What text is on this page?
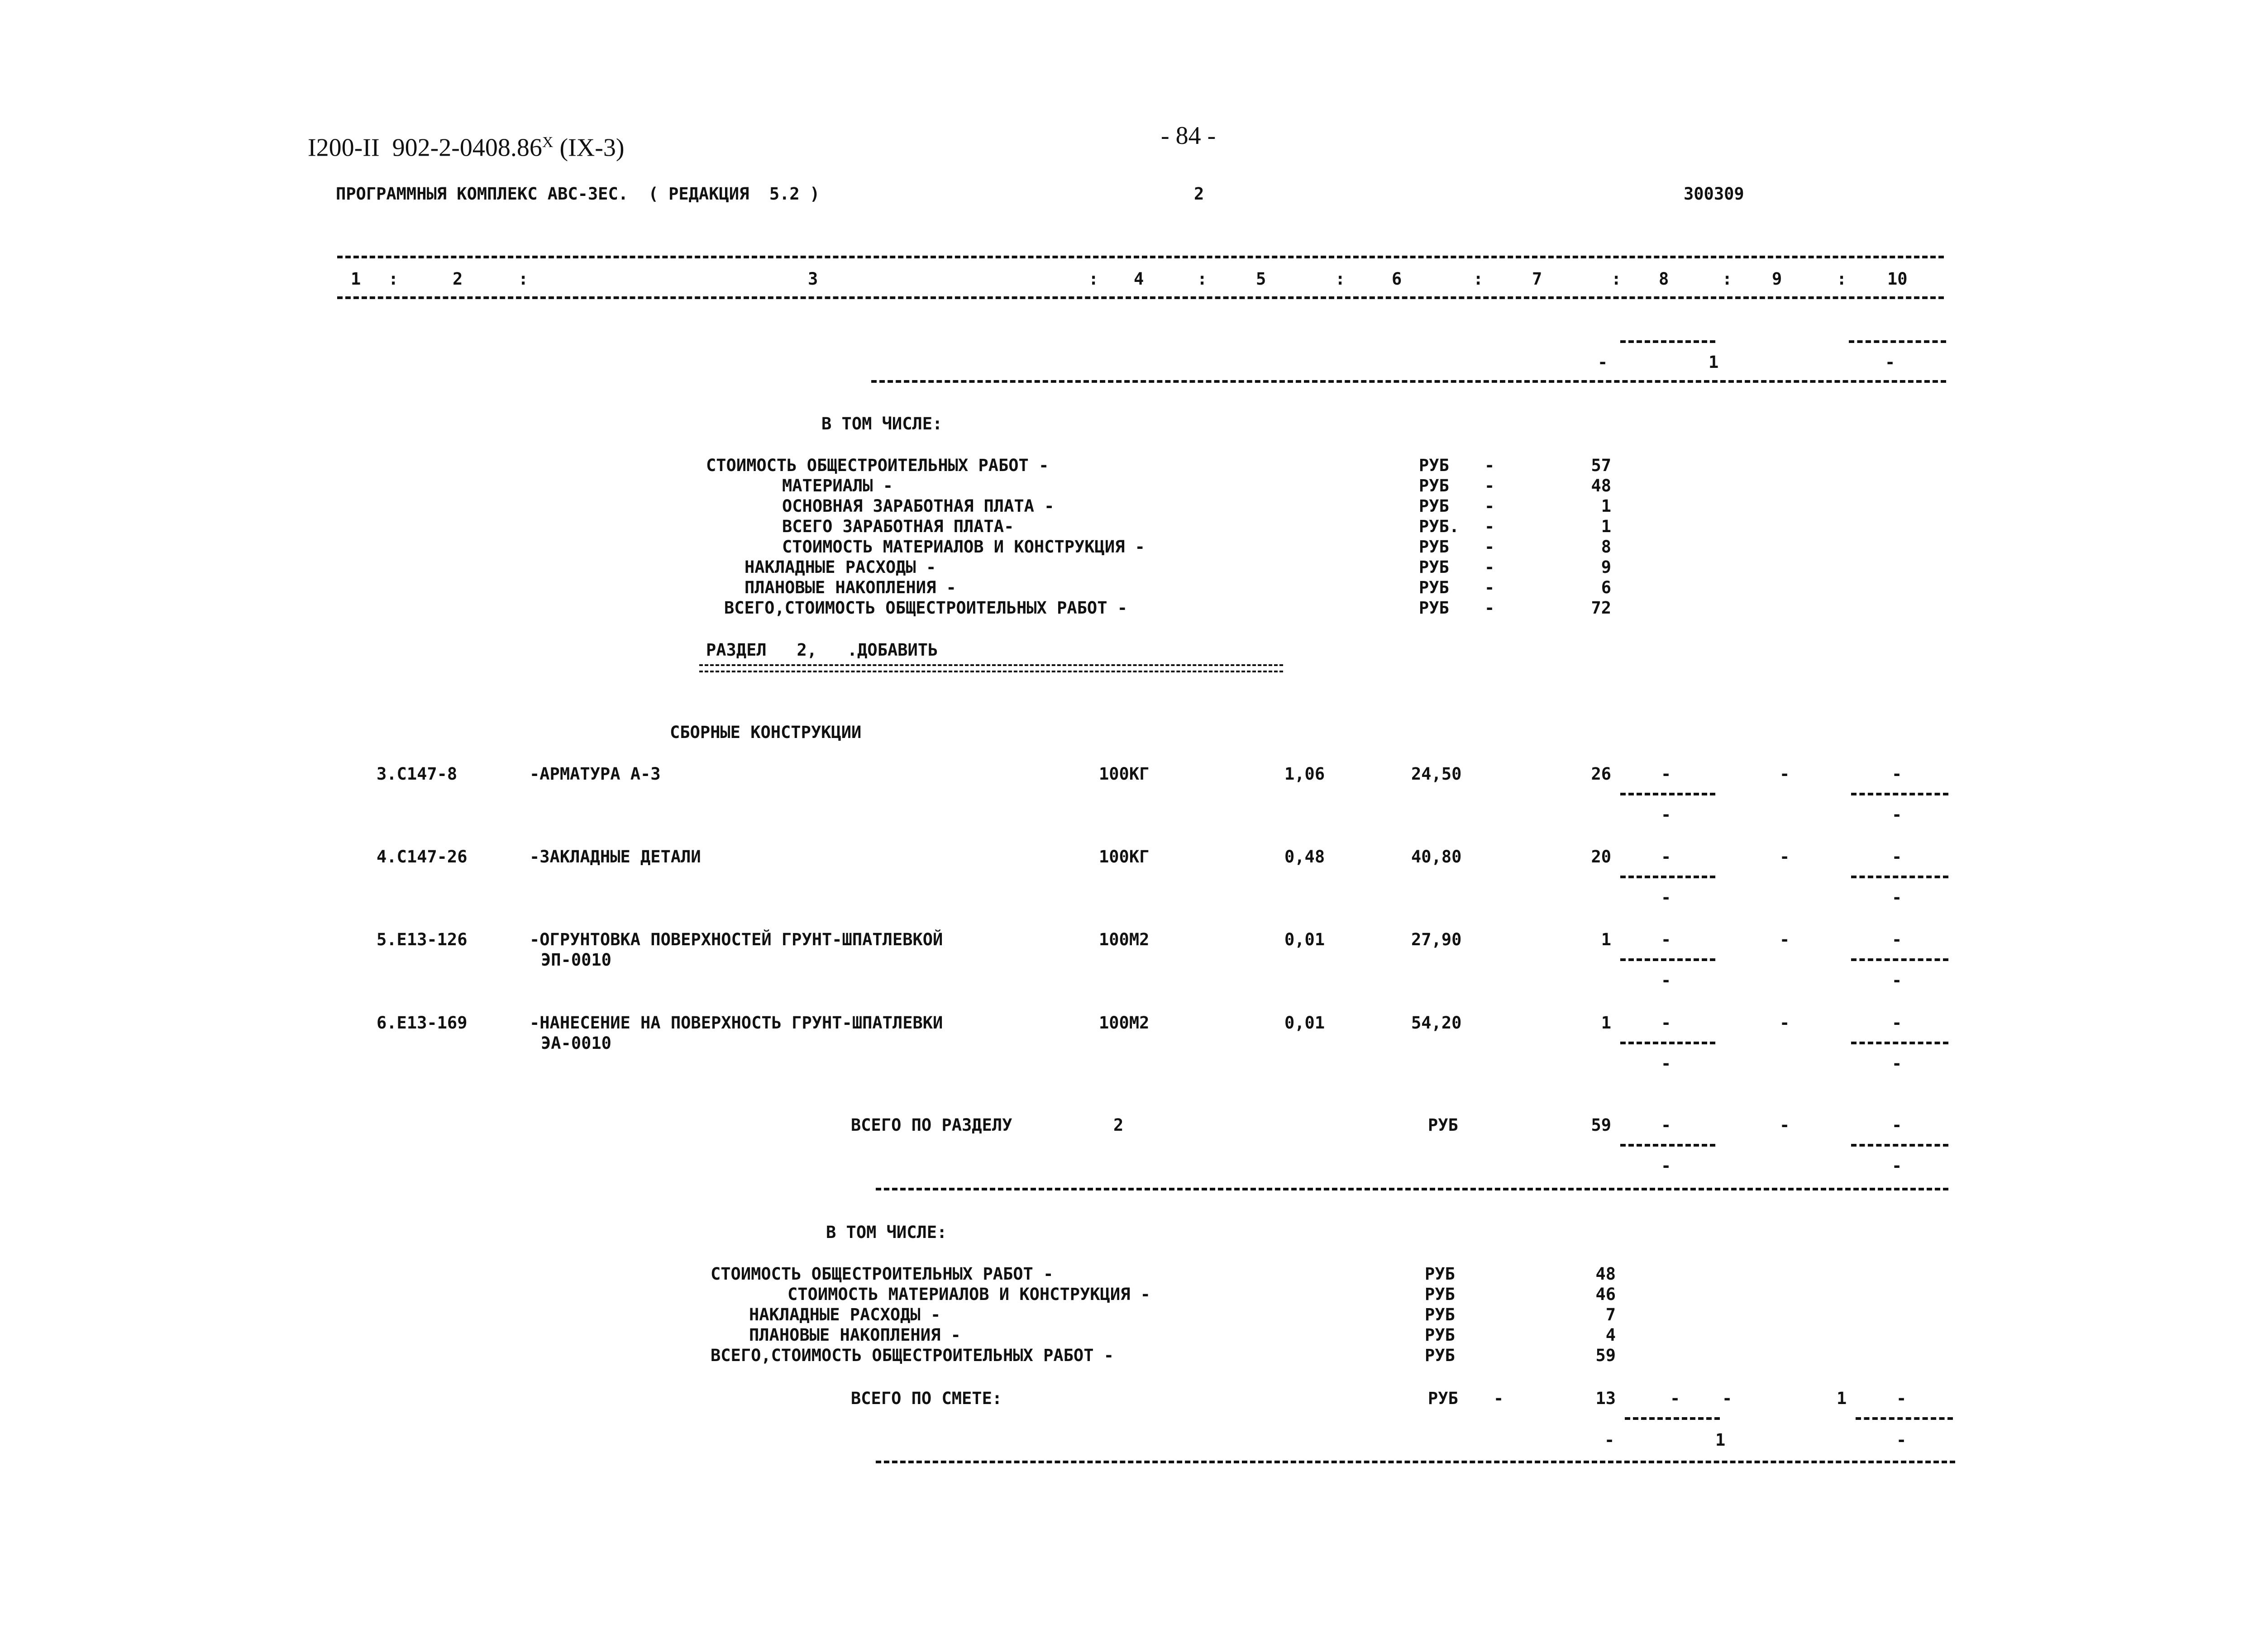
I200-II  $902-2-0408.86^X$ (IX-3)	- 84 -
ПРОГРАММНЫЯ КОМПЛЕКС АВС-ЗЕС.  ( РЕДАКЦИЯ  5.2 )	2	300309
1 :	2	:	3	: 4	:	5	:	6	:	7	: 8	: 9	: 10
-	1	-
В ТОМ ЧИСЛЕ:
СТОИМОСТЬ ОБЩЕСТРОИТЕЛЬНЫХ РАБОТ -	РУБ -	57
МАТЕРИАЛЫ -	РУБ -	48
ОСНОВНАЯ ЗАРАБОТНАЯ ПЛАТА -	РУБ -	1
ВСЕГО ЗАРАБОТНАЯ ПЛАТА-	РУБ. -	1
СТОИМОСТЬ МАТЕРИАЛОВ И КОНСТРУКЦИЯ -	РУБ -	8
НАКЛАДНЫЕ РАСХОДЫ -	РУБ -	9
ПЛАНОВЫЕ НАКОПЛЕНИЯ -	РУБ -	6
ВСЕГО,СТОИМОСТЬ ОБЩЕСТРОИТЕЛЬНЫХ РАБОТ -	РУБ -	72
РАЗДЕЛ   2,   .ДОБАВИТЬ
СБОРНЫЕ КОНСТРУКЦИИ
3.С147-8	-АРМАТУРА А-3	100КГ	1,06	24,50	26	-	-	-
-	-
4.С147-26	-ЗАКЛАДНЫЕ ДЕТАЛИ	100КГ	0,48	40,80	20	-	-	-
-	-
5.Е13-126	-ОГРУНТОВКА ПОВЕРХНОСТЕЙ ГРУНТ-ШПАТЛЕВКОЙ
ЭП-0010
100М2	0,01	27,90	1	-	-	-
-	-
6.Е13-169	-НАНЕСЕНИЕ НА ПОВЕРХНОСТЬ ГРУНТ-ШПАТЛЕВКИ
ЭА-0010
100М2	0,01	54,20	1	-	-	-
-	-
ВСЕГО ПО РАЗДЕЛУ	2	РУБ	59	-	-	-
-	-
В ТОМ ЧИСЛЕ:
СТОИМОСТЬ ОБЩЕСТРОИТЕЛЬНЫХ РАБОТ -	РУБ	48
СТОИМОСТЬ МАТЕРИАЛОВ И КОНСТРУКЦИЯ -	РУБ	46
НАКЛАДНЫЕ РАСХОДЫ -	РУБ	7
ПЛАНОВЫЕ НАКОПЛЕНИЯ -	РУБ	4
ВСЕГО,СТОИМОСТЬ ОБЩЕСТРОИТЕЛЬНЫХ РАБОТ -	РУБ	59
ВСЕГО ПО СМЕТЕ:	РУБ -	13	-	-	1	-
-	1	-
